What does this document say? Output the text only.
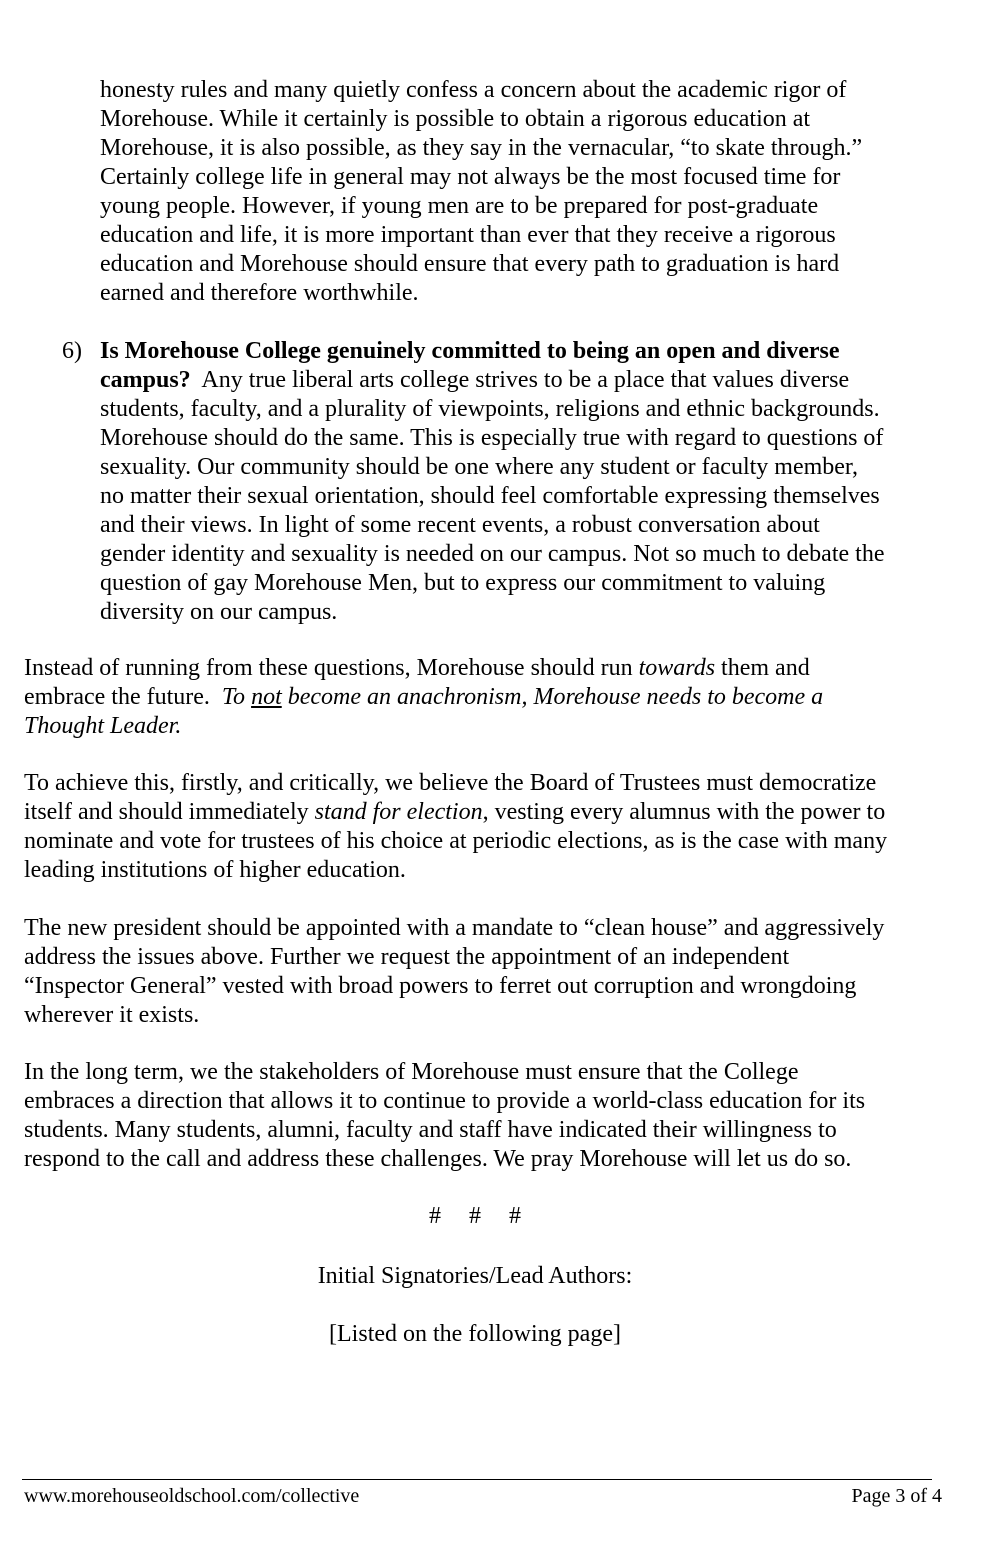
honesty rules and many quietly confess a concern about the academic rigor of
Morehouse. While it certainly is possible to obtain a rigorous education at
Morehouse, it is also possible, as they say in the vernacular, “to skate through.”
Certainly college life in general may not always be the most focused time for
young people. However, if young men are to be prepared for post-graduate
education and life, it is more important than ever that they receive a rigorous
education and Morehouse should ensure that every path to graduation is hard
earned and therefore worthwhile.
6) Is Morehouse College genuinely committed to being an open and diverse
campus?  Any true liberal arts college strives to be a place that values diverse
students, faculty, and a plurality of viewpoints, religions and ethnic backgrounds.
Morehouse should do the same. This is especially true with regard to questions of
sexuality. Our community should be one where any student or faculty member,
no matter their sexual orientation, should feel comfortable expressing themselves
and their views. In light of some recent events, a robust conversation about
gender identity and sexuality is needed on our campus. Not so much to debate the
question of gay Morehouse Men, but to express our commitment to valuing
diversity on our campus.
Instead of running from these questions, Morehouse should run towards them and
embrace the future.  To not become an anachronism, Morehouse needs to become a
Thought Leader.
To achieve this, firstly, and critically, we believe the Board of Trustees must democratize
itself and should immediately stand for election, vesting every alumnus with the power to
nominate and vote for trustees of his choice at periodic elections, as is the case with many
leading institutions of higher education.
The new president should be appointed with a mandate to “clean house” and aggressively
address the issues above. Further we request the appointment of an independent
“Inspector General” vested with broad powers to ferret out corruption and wrongdoing
wherever it exists.
In the long term, we the stakeholders of Morehouse must ensure that the College
embraces a direction that allows it to continue to provide a world-class education for its
students. Many students, alumni, faculty and staff have indicated their willingness to
respond to the call and address these challenges. We pray Morehouse will let us do so.
# # #
Initial Signatories/Lead Authors:
[Listed on the following page]
www.morehouseoldschool.com/collective	Page 3 of 4
